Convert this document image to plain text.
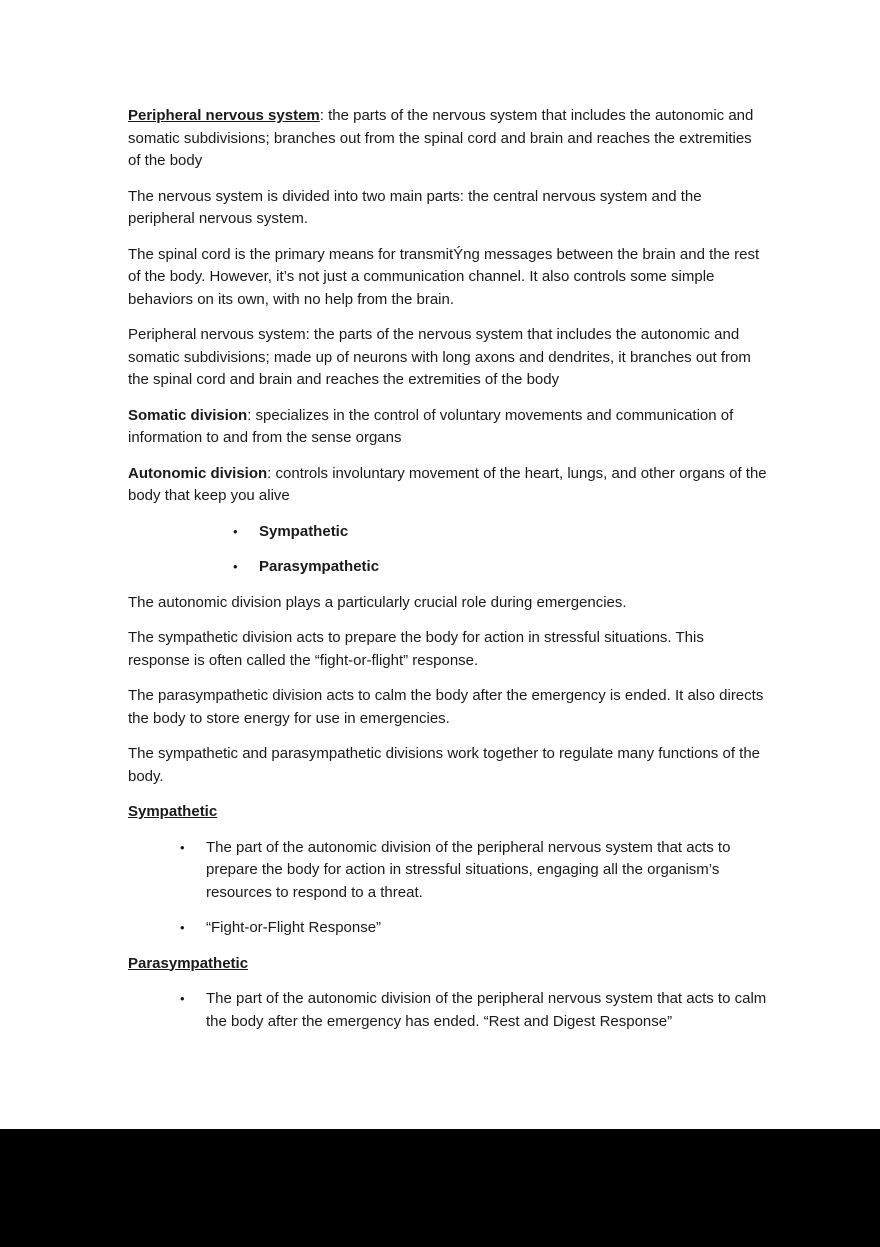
Peripheral nervous system: the parts of the nervous system that includes the autonomic and somatic subdivisions; branches out from the spinal cord and brain and reaches the extremities of the body

The nervous system is divided into two main parts: the central nervous system and the peripheral nervous system.

The spinal cord is the primary means for transmitÝng messages between the brain and the rest of the body. However, it’s not just a communication channel. It also controls some simple behaviors on its own, with no help from the brain.

Peripheral nervous system: the parts of the nervous system that includes the autonomic and somatic subdivisions; made up of neurons with long axons and dendrites, it branches out from the spinal cord and brain and reaches the extremities of the body

Somatic division: specializes in the control of voluntary movements and communication of information to and from the sense organs

Autonomic division: controls involuntary movement of the heart, lungs, and other organs of the body that keep you alive

•	Sympathetic
•	Parasympathetic

The autonomic division plays a particularly crucial role during emergencies.

The sympathetic division acts to prepare the body for action in stressful situations. This response is often called the “fight-or-flight” response.

The parasympathetic division acts to calm the body after the emergency is ended. It also directs the body to store energy for use in emergencies.

The sympathetic and parasympathetic divisions work together to regulate many functions of the body.

Sympathetic

•	The part of the autonomic division of the peripheral nervous system that acts to prepare the body for action in stressful situations, engaging all the organism’s resources to respond to a threat.
•	“Fight-or-Flight Response”

Parasympathetic

•	The part of the autonomic division of the peripheral nervous system that acts to calm the body after the emergency has ended. “Rest and Digest Response”
